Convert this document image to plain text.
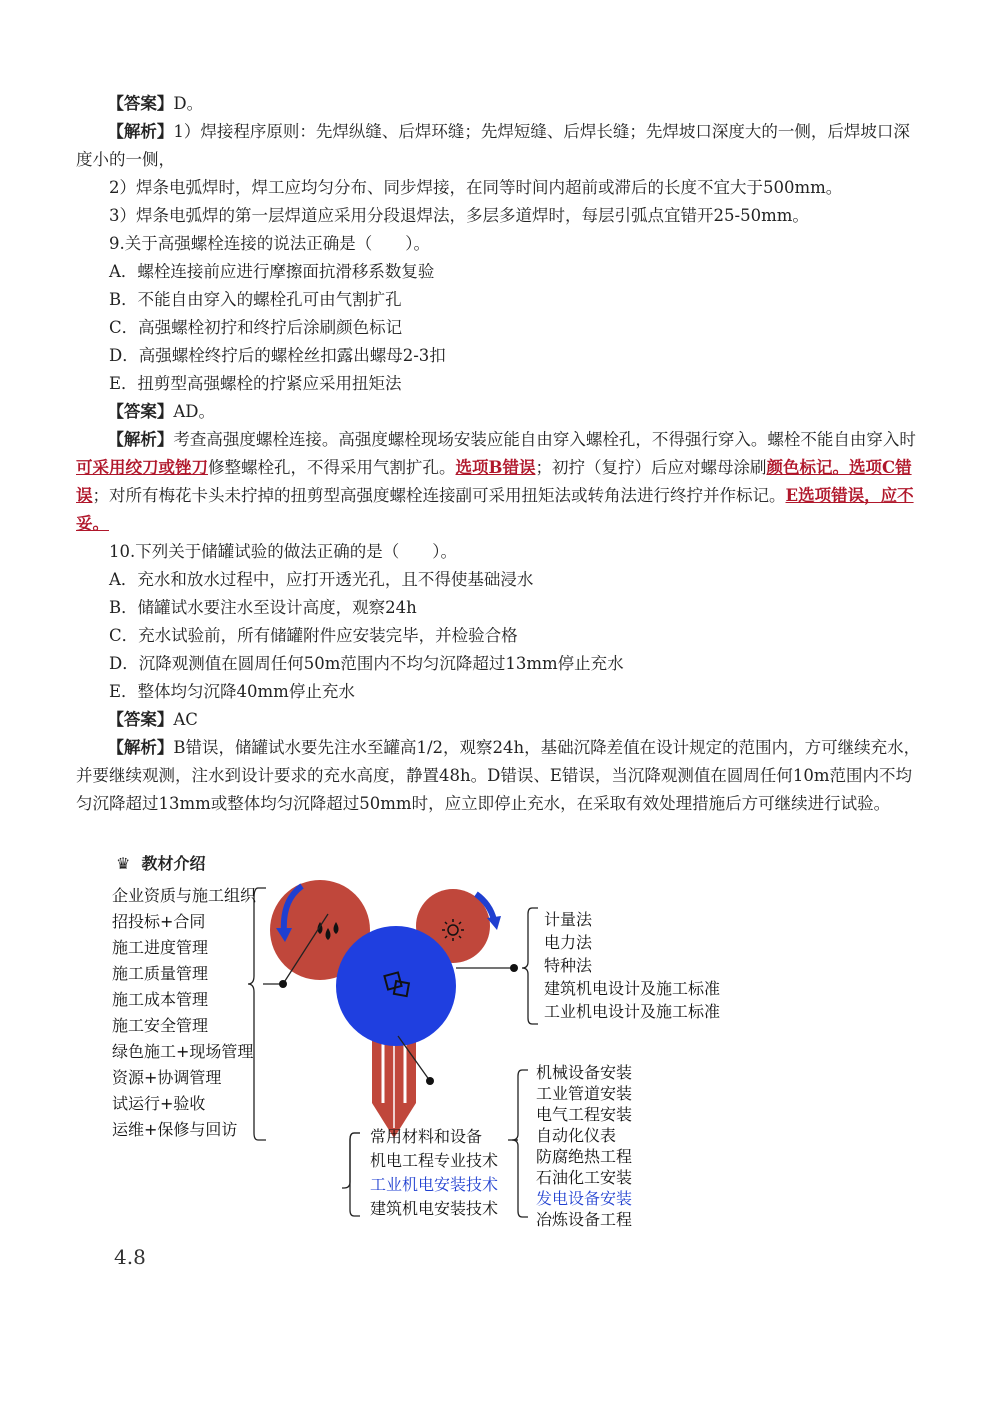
【答案】D。

【解析】1）焊接程序原则：先焊纵缝、后焊环缝；先焊短缝、后焊长缝；先焊坡口深度大的一侧，后焊坡口深度小的一侧，

2）焊条电弧焊时，焊工应均匀分布、同步焊接，在同等时间内超前或滞后的长度不宜大于500mm。

3）焊条电弧焊的第一层焊道应采用分段退焊法，多层多道焊时，每层引弧点宜错开25-50mm。

9.关于高强螺栓连接的说法正确是（　　）。

A．螺栓连接前应进行摩擦面抗滑移系数复验

B．不能自由穿入的螺栓孔可由气割扩孔

C．高强螺栓初拧和终拧后涂刷颜色标记

D．高强螺栓终拧后的螺栓丝扣露出螺母2-3扣

E．扭剪型高强螺栓的拧紧应采用扭矩法

【答案】AD。

【解析】考查高强度螺栓连接。高强度螺栓现场安装应能自由穿入螺栓孔，不得强行穿入。螺栓不能自由穿入时可采用绞刀或锉刀修整螺栓孔，不得采用气割扩孔。选项B错误；初拧（复拧）后应对螺母涂刷颜色标记。选项C错误；对所有梅花卡头未拧掉的扭剪型高强度螺栓连接副可采用扭矩法或转角法进行终拧并作标记。E选项错误，应不妥。

10.下列关于储罐试验的做法正确的是（　　）。

A．充水和放水过程中，应打开透光孔，且不得使基础浸水

B．储罐试水要注水至设计高度，观察24h

C．充水试验前，所有储罐附件应安装完毕，并检验合格

D．沉降观测值在圆周任何50m范围内不均匀沉降超过13mm停止充水

E．整体均匀沉降40mm停止充水

【答案】AC

【解析】B错误，储罐试水要先注水至罐高1/2，观察24h，基础沉降差值在设计规定的范围内，方可继续充水，并要继续观测，注水到设计要求的充水高度，静置48h。D错误、E错误，当沉降观测值在圆周任何10m范围内不均匀沉降超过13mm或整体均匀沉降超过50mm时，应立即停止充水，在采取有效处理措施后方可继续进行试验。

♛ 教材介绍
企业资质与施工组织
招投标+合同
施工进度管理
施工质量管理
施工成本管理
施工安全管理
绿色施工+现场管理
资源+协调管理
试运行+验收
运维+保修与回访
计量法
电力法
特种法
建筑机电设计及施工标准
工业机电设计及施工标准
常用材料和设备
机电工程专业技术
工业机电安装技术
建筑机电安装技术
机械设备安装
工业管道安装
电气工程安装
自动化仪表
防腐绝热工程
石油化工安装
发电设备安装
冶炼设备工程
4.8
